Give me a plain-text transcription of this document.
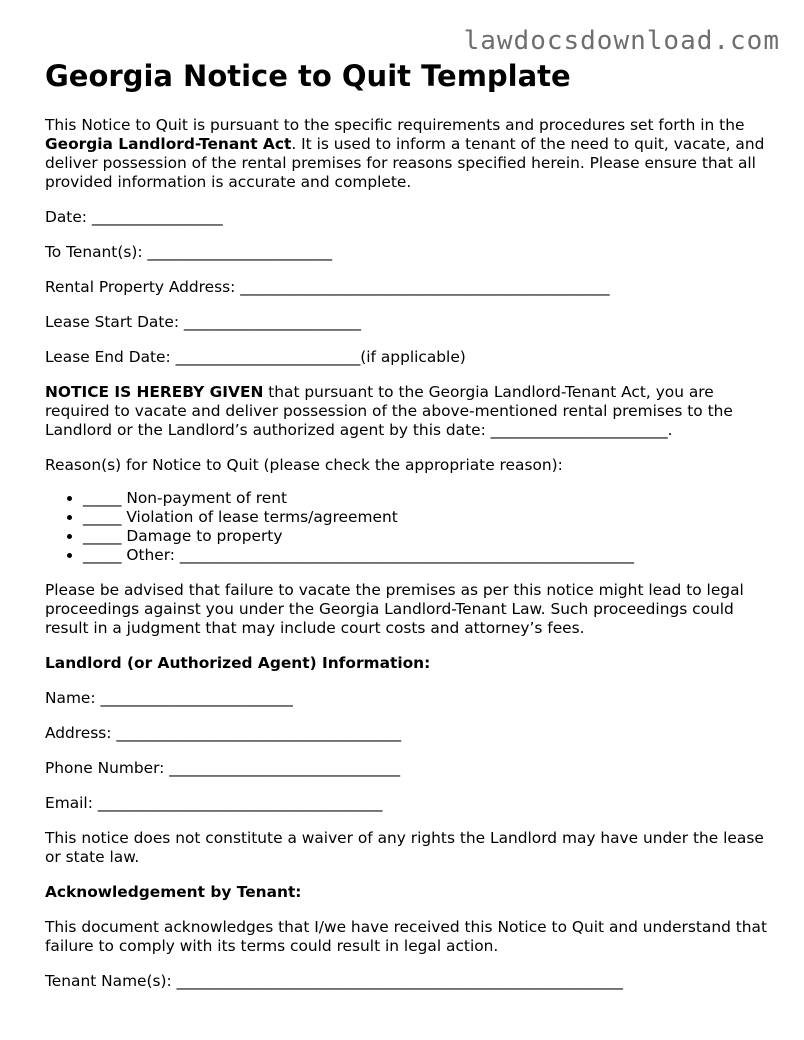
lawdocsdownload.com
Georgia Notice to Quit Template

This Notice to Quit is pursuant to the specific requirements and procedures set forth in the Georgia Landlord-Tenant Act. It is used to inform a tenant of the need to quit, vacate, and deliver possession of the rental premises for reasons specified herein. Please ensure that all provided information is accurate and complete.

Date: _________________

To Tenant(s): ________________________

Rental Property Address: ________________________________________________

Lease Start Date: _______________________

Lease End Date: ________________________(if applicable)

NOTICE IS HEREBY GIVEN that pursuant to the Georgia Landlord-Tenant Act, you are required to vacate and deliver possession of the above-mentioned rental premises to the Landlord or the Landlord’s authorized agent by this date: _______________________.

Reason(s) for Notice to Quit (please check the appropriate reason):

• _____ Non-payment of rent
• _____ Violation of lease terms/agreement
• _____ Damage to property
• _____ Other: ___________________________________________________________

Please be advised that failure to vacate the premises as per this notice might lead to legal proceedings against you under the Georgia Landlord-Tenant Law. Such proceedings could result in a judgment that may include court costs and attorney’s fees.

Landlord (or Authorized Agent) Information:

Name: _________________________

Address: _____________________________________

Phone Number: ______________________________

Email: _____________________________________

This notice does not constitute a waiver of any rights the Landlord may have under the lease or state law.

Acknowledgement by Tenant:

This document acknowledges that I/we have received this Notice to Quit and understand that failure to comply with its terms could result in legal action.

Tenant Name(s): __________________________________________________________
